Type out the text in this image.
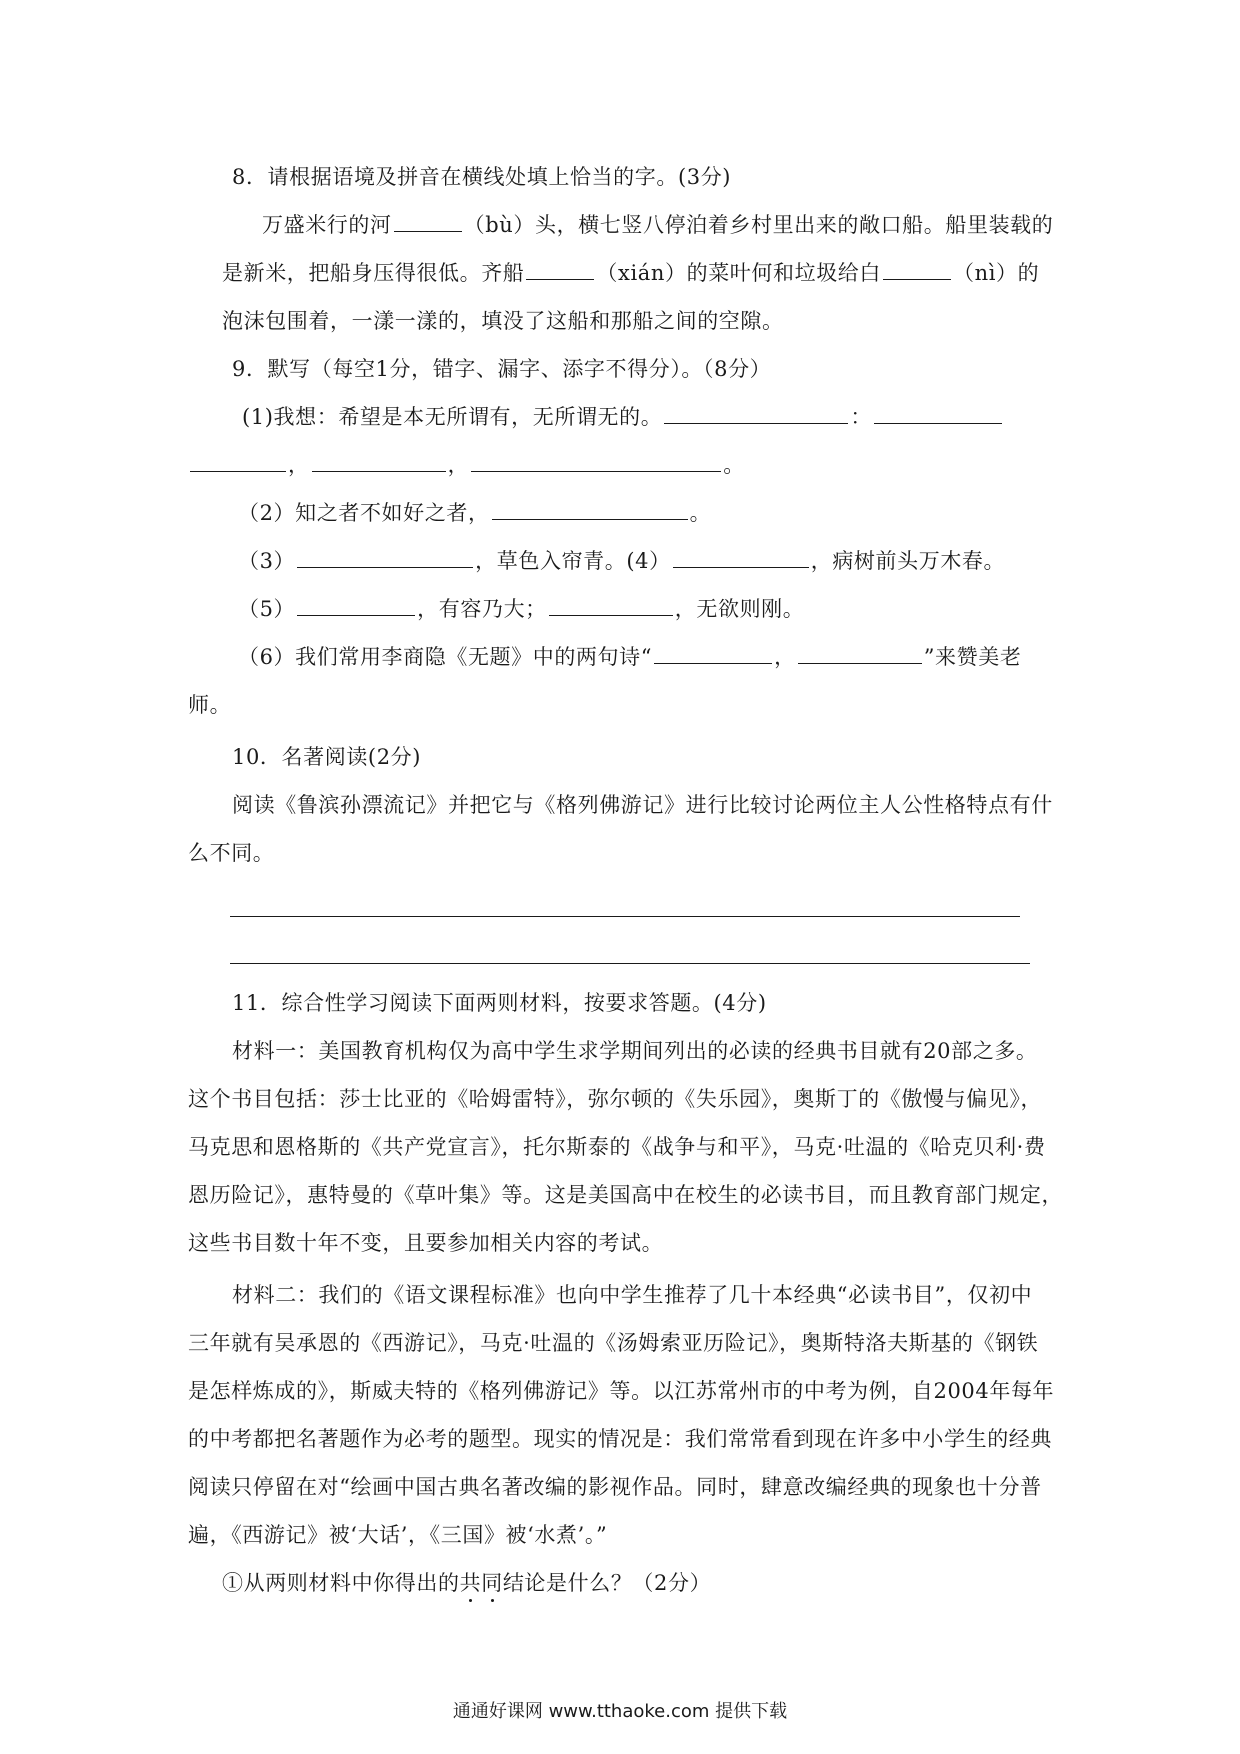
8．请根据语境及拼音在横线处填上恰当的字。(3分)
万盛米行的河	（bù）头，横七竖八停泊着乡村里出来的敞口船。船里装载的
是新米，把船身压得很低。齐船	（xián）的菜叶何和垃圾给白	（nì）的
泡沫包围着，一漾一漾的，填没了这船和那船之间的空隙。
9．默写（每空1分，错字、漏字、添字不得分）。（8分）
(1)我想：希望是本无所谓有，无所谓无的。	：
，	，	。
（2）知之者不如好之者，	。
（3）	，草色入帘青。(4）	，病树前头万木春。
（5）	，有容乃大；	，无欲则刚。
（6）我们常用李商隐《无题》中的两句诗“	，	”来赞美老
师。
10．名著阅读(2分)
阅读《鲁滨孙漂流记》并把它与《格列佛游记》进行比较讨论两位主人公性格特点有什
么不同。
11．综合性学习阅读下面两则材料，按要求答题。(4分)
材料一：美国教育机构仅为高中学生求学期间列出的必读的经典书目就有20部之多。
这个书目包括：莎士比亚的《哈姆雷特》，弥尔顿的《失乐园》，奥斯丁的《傲慢与偏见》，
马克思和恩格斯的《共产党宣言》，托尔斯泰的《战争与和平》，马克·吐温的《哈克贝利·费
恩历险记》，惠特曼的《草叶集》等。这是美国高中在校生的必读书目，而且教育部门规定，
这些书目数十年不变，且要参加相关内容的考试。
材料二：我们的《语文课程标准》也向中学生推荐了几十本经典“必读书目”，仅初中
三年就有吴承恩的《西游记》，马克·吐温的《汤姆索亚历险记》，奥斯特洛夫斯基的《钢铁
是怎样炼成的》，斯威夫特的《格列佛游记》等。以江苏常州市的中考为例，自2004年每年
的中考都把名著题作为必考的题型。现实的情况是：我们常常看到现在许多中小学生的经典
阅读只停留在对“绘画中国古典名著改编的影视作品。同时，肆意改编经典的现象也十分普
遍，《西游记》被‘大话’，《三国》被‘水煮’。”
①从两则材料中你得出的共同结论是什么？（2分）
通通好课网 www.tthaoke.com 提供下载
